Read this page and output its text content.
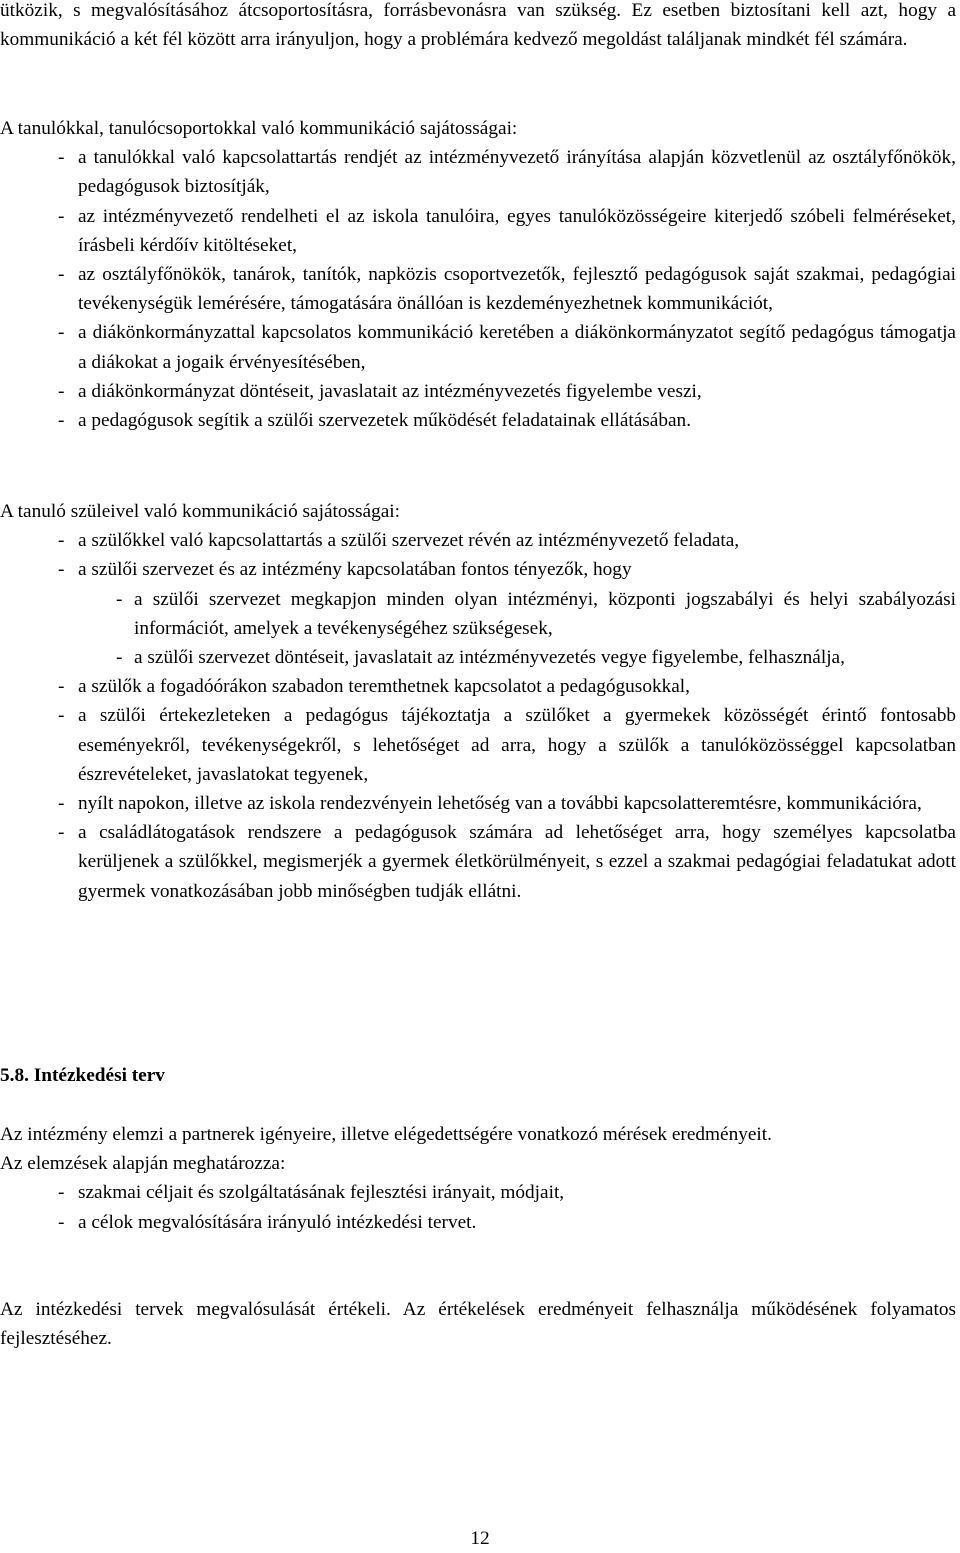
ütközik, s megvalósításához átcsoportosításra, forrásbevonásra van szükség. Ez esetben biztosítani kell azt, hogy a kommunikáció a két fél között arra irányuljon, hogy a problémára kedvező megoldást találjanak mindkét fél számára.

A tanulókkal, tanulócsoportokkal való kommunikáció sajátosságai:

- a tanulókkal való kapcsolattartás rendjét az intézményvezető irányítása alapján közvetlenül az osztályfőnökök, pedagógusok biztosítják,
- az intézményvezető rendelheti el az iskola tanulóira, egyes tanulóközösségeire kiterjedő szóbeli felméréseket, írásbeli kérdőív kitöltéseket,
- az osztályfőnökök, tanárok, tanítók, napközis csoportvezetők, fejlesztő pedagógusok saját szakmai, pedagógiai tevékenységük lemérésére, támogatására önállóan is kezdeményezhetnek kommunikációt,
- a diákönkormányzattal kapcsolatos kommunikáció keretében a diákönkormányzatot segítő pedagógus támogatja a diákokat a jogaik érvényesítésében,
- a diákönkormányzat döntéseit, javaslatait az intézményvezetés figyelembe veszi,
- a pedagógusok segítik a szülői szervezetek működését feladatainak ellátásában.

A tanuló szüleivel való kommunikáció sajátosságai:

- a szülőkkel való kapcsolattartás a szülői szervezet révén az intézményvezető feladata,
- a szülői szervezet és az intézmény kapcsolatában fontos tényezők, hogy
- a szülői szervezet megkapjon minden olyan intézményi, központi jogszabályi és helyi szabályozási információt, amelyek a tevékenységéhez szükségesek,
- a szülői szervezet döntéseit, javaslatait az intézményvezetés vegye figyelembe, felhasználja,
- a szülők a fogadóórákon szabadon teremthetnek kapcsolatot a pedagógusokkal,
- a szülői értekezleteken a pedagógus tájékoztatja a szülőket a gyermekek közösségét érintő fontosabb eseményekről, tevékenységekről, s lehetőséget ad arra, hogy a szülők a tanulóközösséggel kapcsolatban észrevételeket, javaslatokat tegyenek,
- nyílt napokon, illetve az iskola rendezvényein lehetőség van a további kapcsolatteremtésre, kommunikációra,
- a családlátogatások rendszere a pedagógusok számára ad lehetőséget arra, hogy személyes kapcsolatba kerüljenek a szülőkkel, megismerjék a gyermek életkörülményeit, s ezzel a szakmai pedagógiai feladatukat adott gyermek vonatkozásában jobb minőségben tudják ellátni.
5.8. Intézkedési terv

Az intézmény elemzi a partnerek igényeire, illetve elégedettségére vonatkozó mérések eredményeit.

Az elemzések alapján meghatározza:

- szakmai céljait és szolgáltatásának fejlesztési irányait, módjait,
- a célok megvalósítására irányuló intézkedési tervet.

Az intézkedési tervek megvalósulását értékeli. Az értékelések eredményeit felhasználja működésének folyamatos fejlesztéséhez.

12
